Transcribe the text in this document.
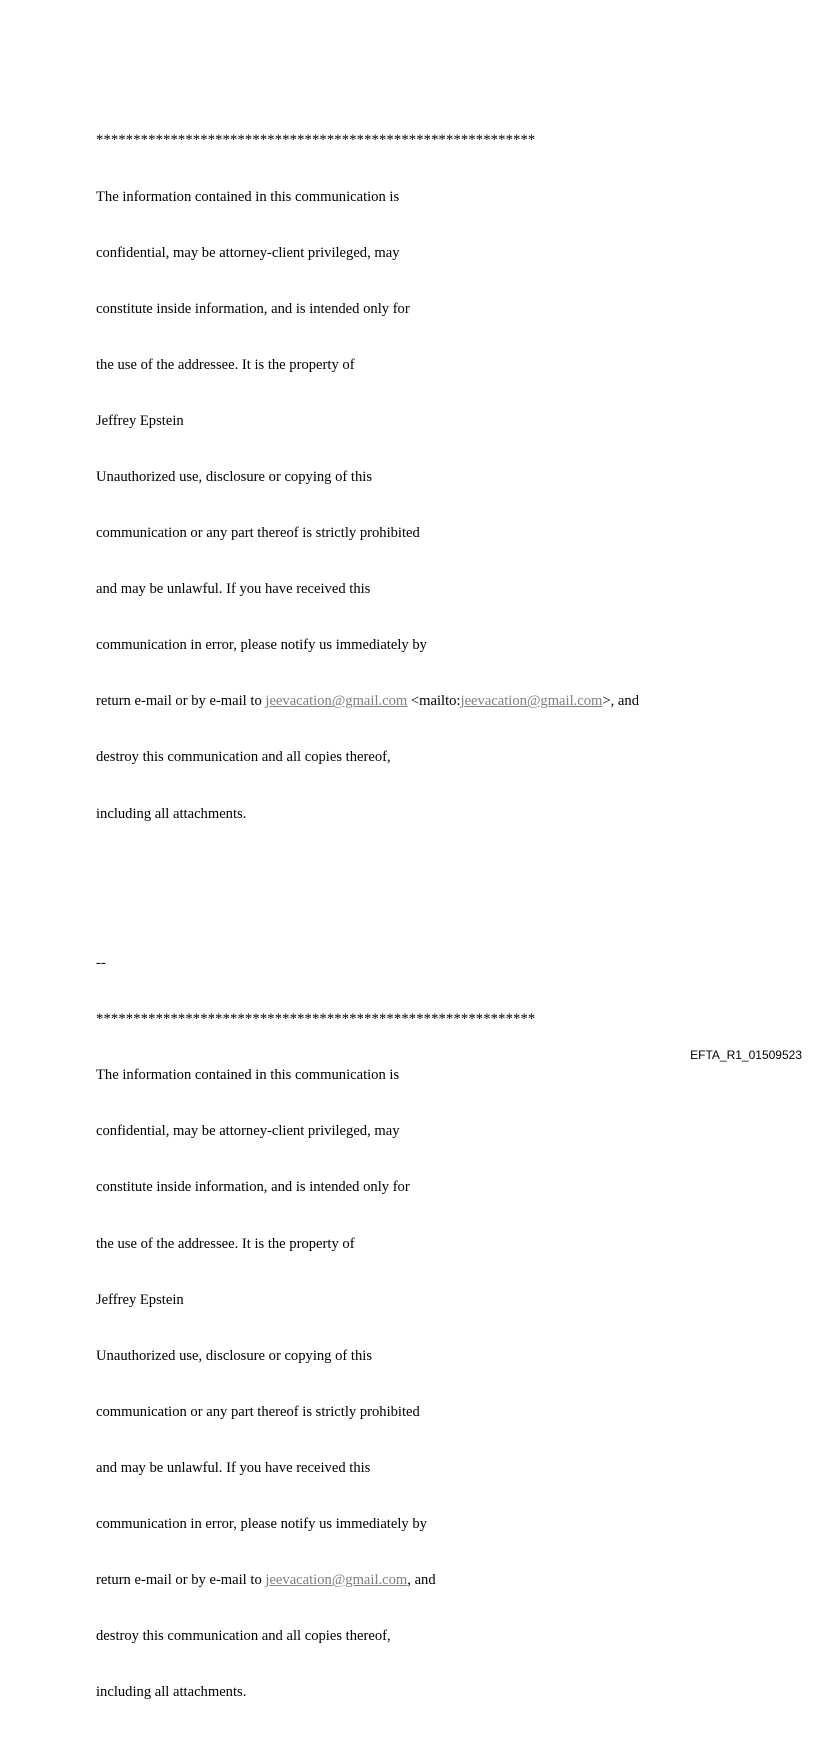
***********************************************************

The information contained in this communication is

confidential, may be attorney-client privileged, may

constitute inside information, and is intended only for

the use of the addressee. It is the property of

Jeffrey Epstein

Unauthorized use, disclosure or copying of this

communication or any part thereof is strictly prohibited

and may be unlawful. If you have received this

communication in error, please notify us immediately by

return e-mail or by e-mail to jeevacation@gmail.com <mailto:jeevacation@gmail.com>, and

destroy this communication and all copies thereof,

including all attachments.

--

***********************************************************

The information contained in this communication is

confidential, may be attorney-client privileged, may

constitute inside information, and is intended only for

the use of the addressee. It is the property of

Jeffrey Epstein

Unauthorized use, disclosure or copying of this

communication or any part thereof is strictly prohibited

and may be unlawful. If you have received this

communication in error, please notify us immediately by

return e-mail or by e-mail to jeevacation@gmail.com, and

destroy this communication and all copies thereof,

including all attachments.

EFTA_R1_01509523
